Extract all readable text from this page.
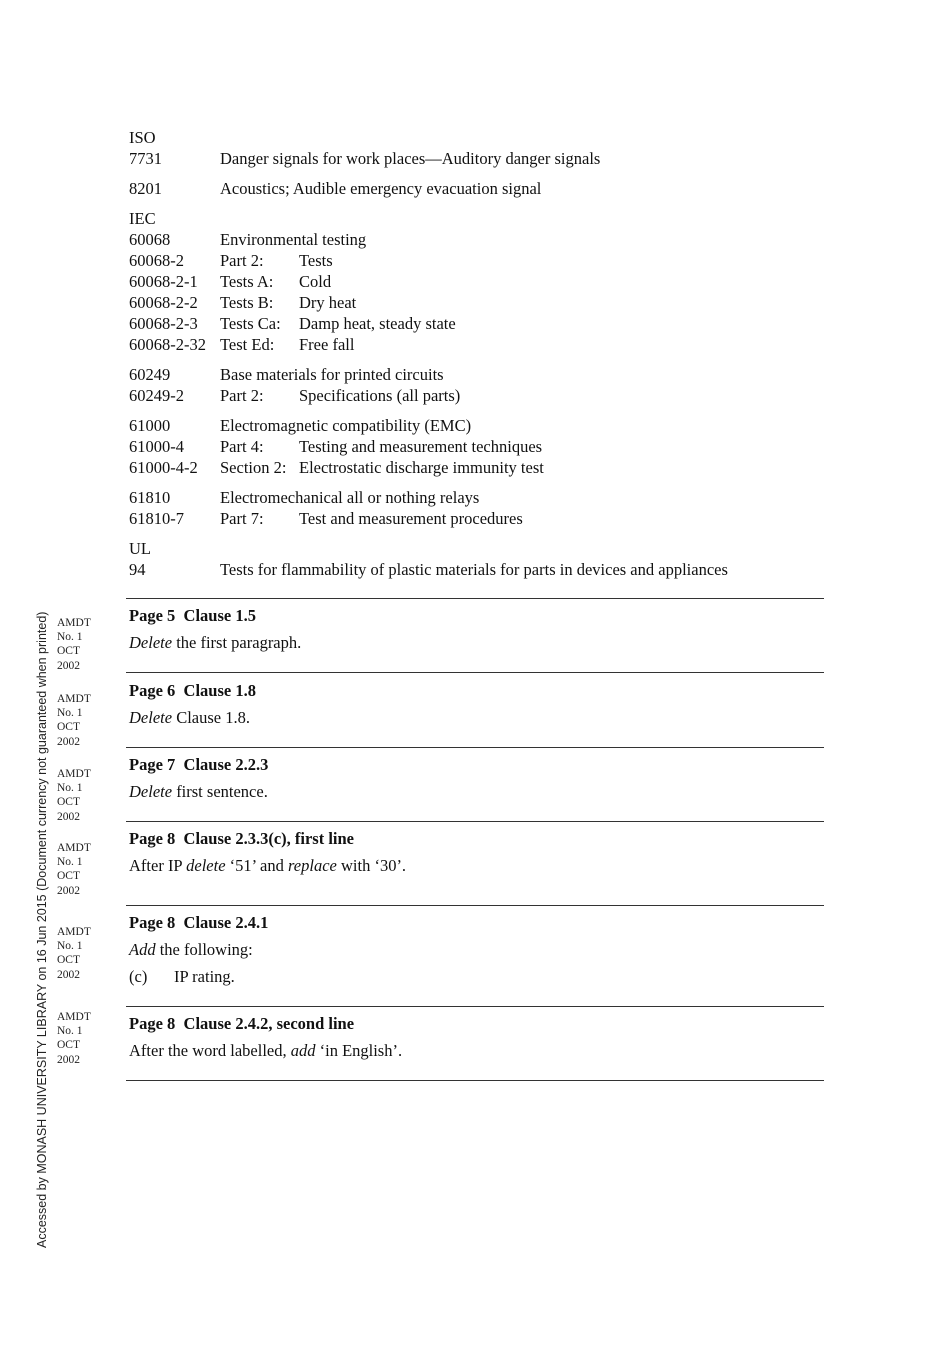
Accessed by MONASH UNIVERSITY LIBRARY on 16 Jun 2015 (Document currency not guaranteed when printed)
ISO
7731	Danger signals for work places—Auditory danger signals
8201	Acoustics; Audible emergency evacuation signal
IEC
60068	Environmental testing
60068-2	Part 2:	Tests
60068-2-1	Tests A:	Cold
60068-2-2	Tests B:	Dry heat
60068-2-3	Tests Ca:	Damp heat, steady state
60068-2-32 Test Ed:	Free fall
60249	Base materials for printed circuits
60249-2	Part 2:	Specifications (all parts)
61000	Electromagnetic compatibility (EMC)
61000-4	Part 4:	Testing and measurement techniques
61000-4-2	Section 2: Electrostatic discharge immunity test
61810	Electromechanical all or nothing relays
61810-7	Part 7:	Test and measurement procedures
UL
94	Tests for flammability of plastic materials for parts in devices and appliances
AMDT
No. 1
OCT
2002
Page 5  Clause 1.5
Delete the first paragraph.
AMDT
No. 1
OCT
2002
Page 6  Clause 1.8
Delete Clause 1.8.
AMDT
No. 1
OCT
2002
Page 7  Clause 2.2.3
Delete first sentence.
AMDT
No. 1
OCT
2002
Page 8  Clause 2.3.3(c), first line
After IP delete ‘51’ and replace with ‘30’.
AMDT
No. 1
OCT
2002
Page 8  Clause 2.4.1
Add the following:
(c)	IP rating.
AMDT
No. 1
OCT
2002
Page 8  Clause 2.4.2, second line
After the word labelled, add ‘in English’.
